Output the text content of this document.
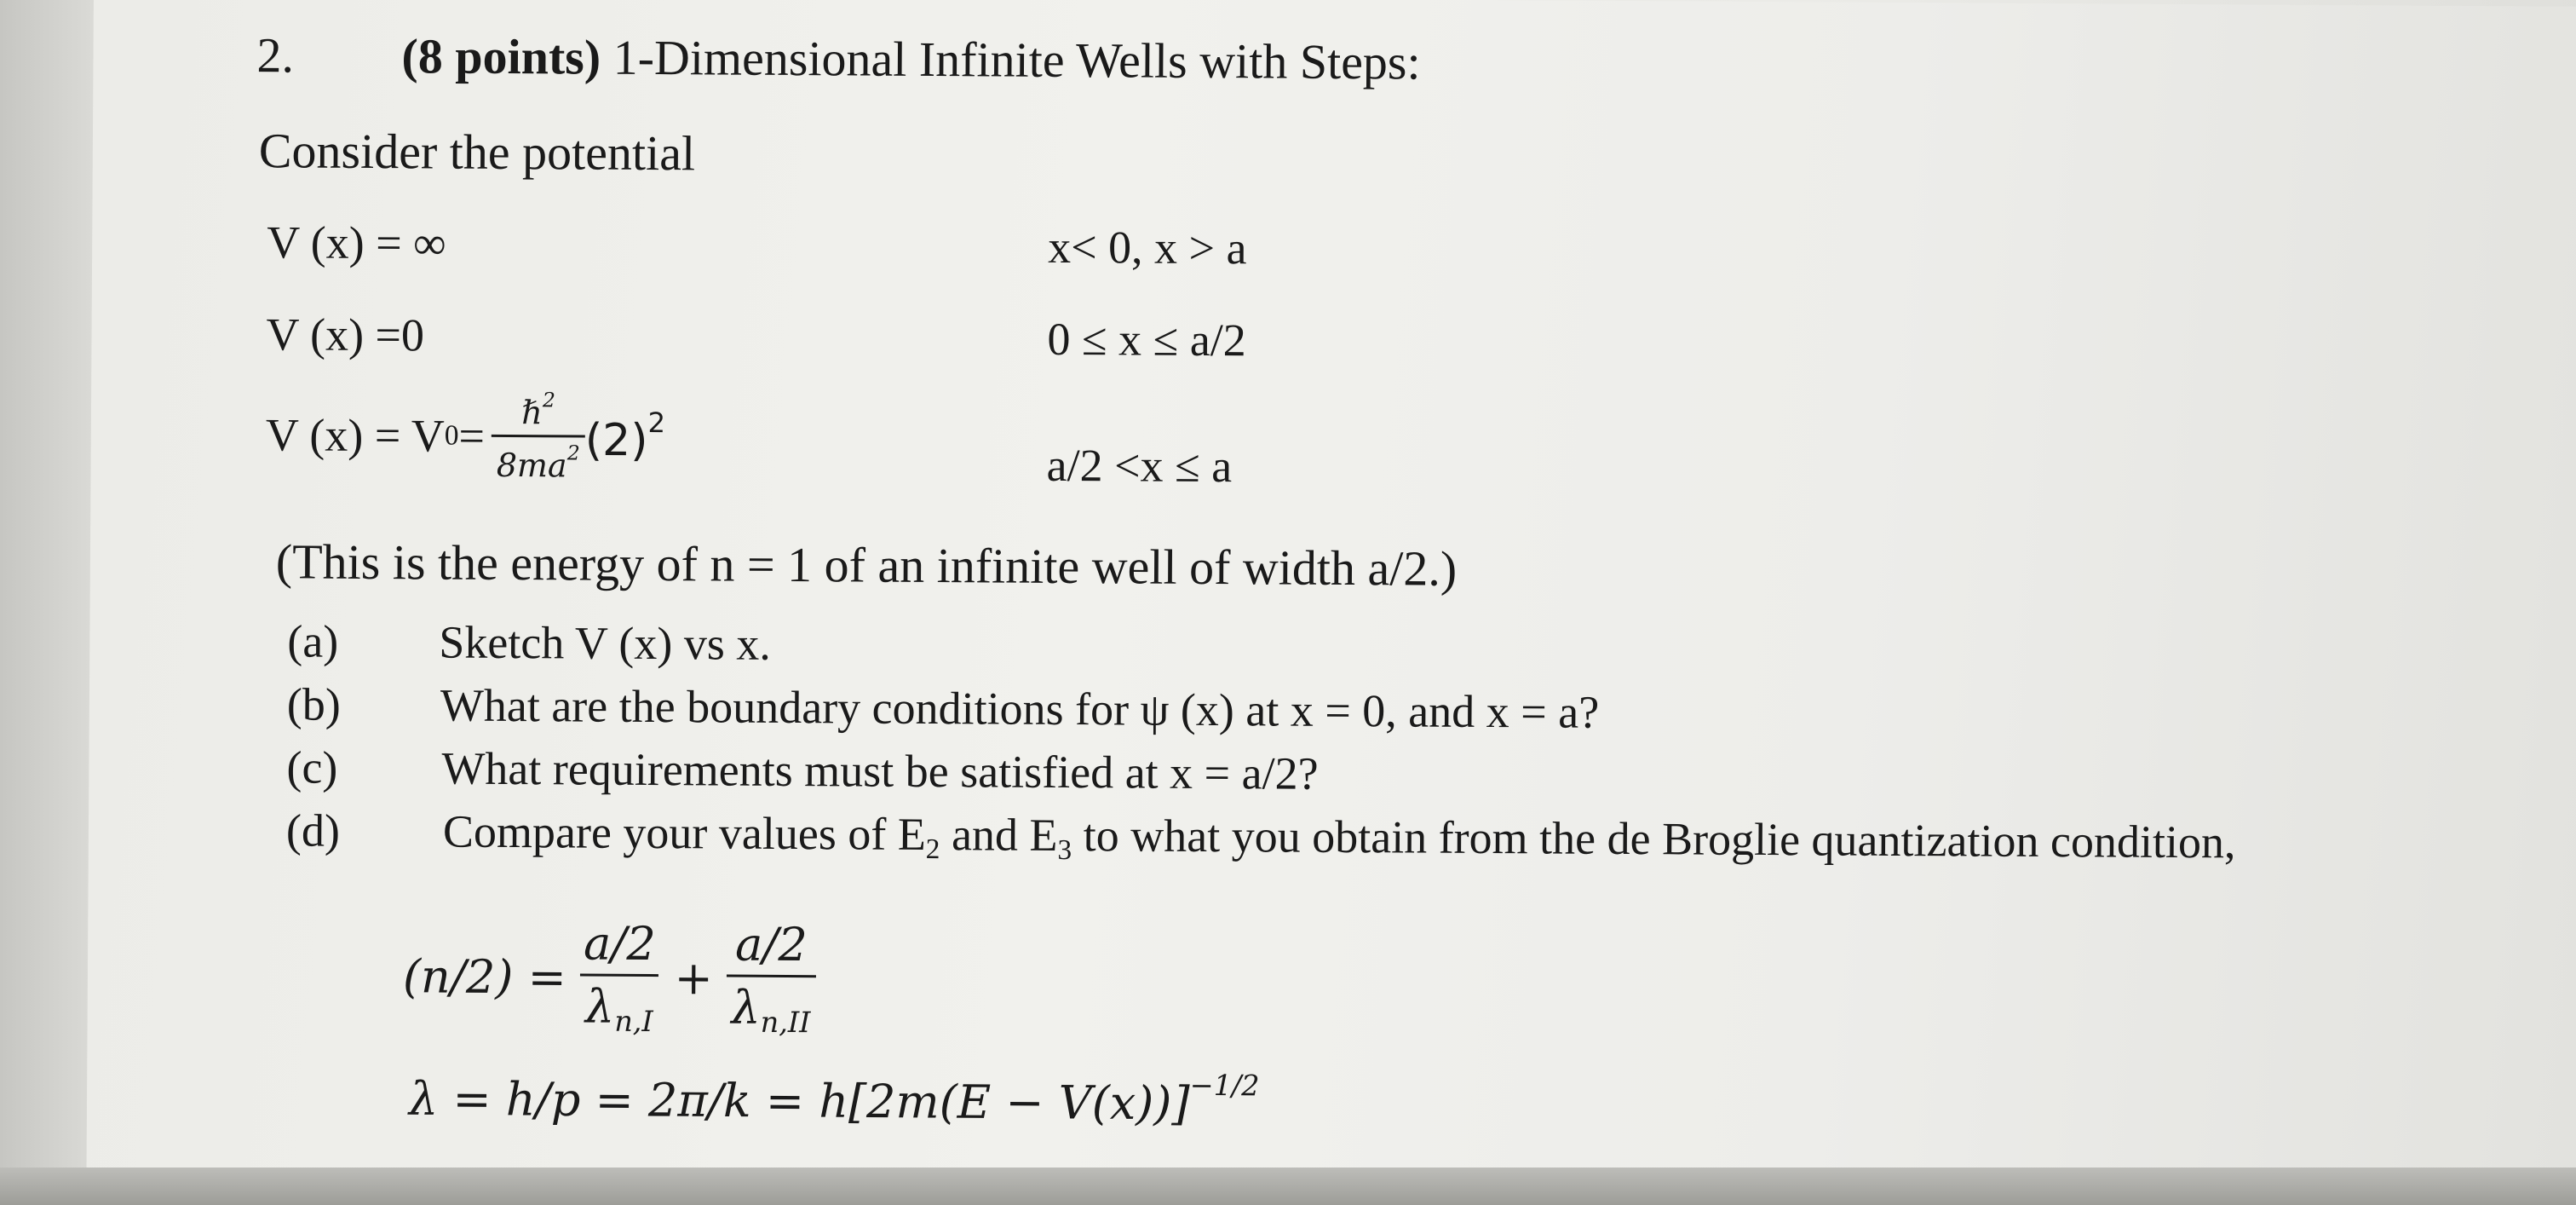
2. (8 points) 1-Dimensional Infinite Wells with Steps:
Consider the potential
V (x) = ∞	x< 0, x > a
V (x) =0	0 ≤ x ≤ a/2
V (x) = V $0 = \frac{\hbar^2}{8ma^2} (2)^2$
a/2 <x ≤ a
(This is the energy of n = 1 of an infinite well of width a/2.)
(a) Sketch V (x) vs x.
(b) What are the boundary conditions for ψ (x) at x = 0, and x = a?
(c) What requirements must be satisfied at x = a/2?
(d) Compare your values of $E_2$ and $E_3$ to what you obtain from the de Broglie quantization condition,
$(n/2) = \frac{a/2}{\lambda_{n,I}} + \frac{a/2}{\lambda_{n,II}}$
$\lambda = h/p = 2\pi/k = h[2m(E - V(x))]^{-1/2}$
